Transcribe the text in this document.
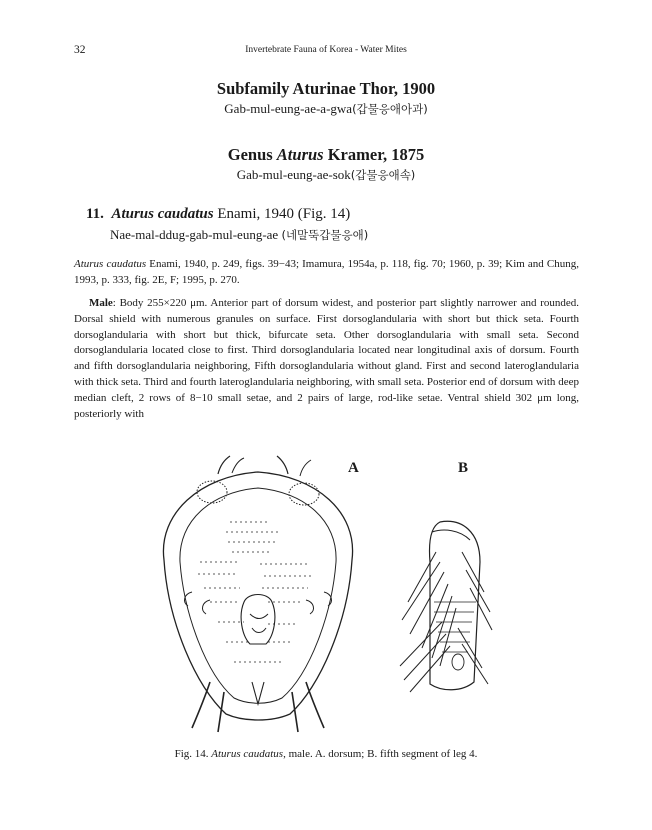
32	Invertebrate Fauna of Korea - Water Mites
Subfamily Aturinae Thor, 1900
Gab-mul-eung-ae-a-gwa(갑물응애아과)
Genus Aturus Kramer, 1875
Gab-mul-eung-ae-sok(갑물응애속)
11. Aturus caudatus Enami, 1940 (Fig. 14)
Nae-mal-ddug-gab-mul-eung-ae (네말뚝갑물응애)
Aturus caudatus Enami, 1940, p. 249, figs. 39−43; Imamura, 1954a, p. 118, fig. 70; 1960, p. 39; Kim and Chung, 1993, p. 333, fig. 2E, F; 1995, p. 270.
Male: Body 255×220 μm. Anterior part of dorsum widest, and posterior part slightly narrower and rounded. Dorsal shield with numerous granules on surface. First dorsoglandularia with short but thick seta. Fourth dorsoglandularia with short but thick, bifurcate seta. Other dorsoglandularia with small seta. Second dorsoglandularia located close to first. Third dorsoglandularia located near longitudinal axis of dorsum. Fourth and fifth dorsoglandularia neighboring, Fifth dorsoglandularia without gland. First and second lateroglandularia with thick seta. Third and fourth lateroglandularia neighboring, with small seta. Posterior end of dorsum with deep median cleft, 2 rows of 8−10 small setae, and 2 pairs of large, rod-like setae. Ventral shield 302 μm long, posteriorly with
A	B
Fig. 14. Aturus caudatus, male. A. dorsum; B. fifth segment of leg 4.
